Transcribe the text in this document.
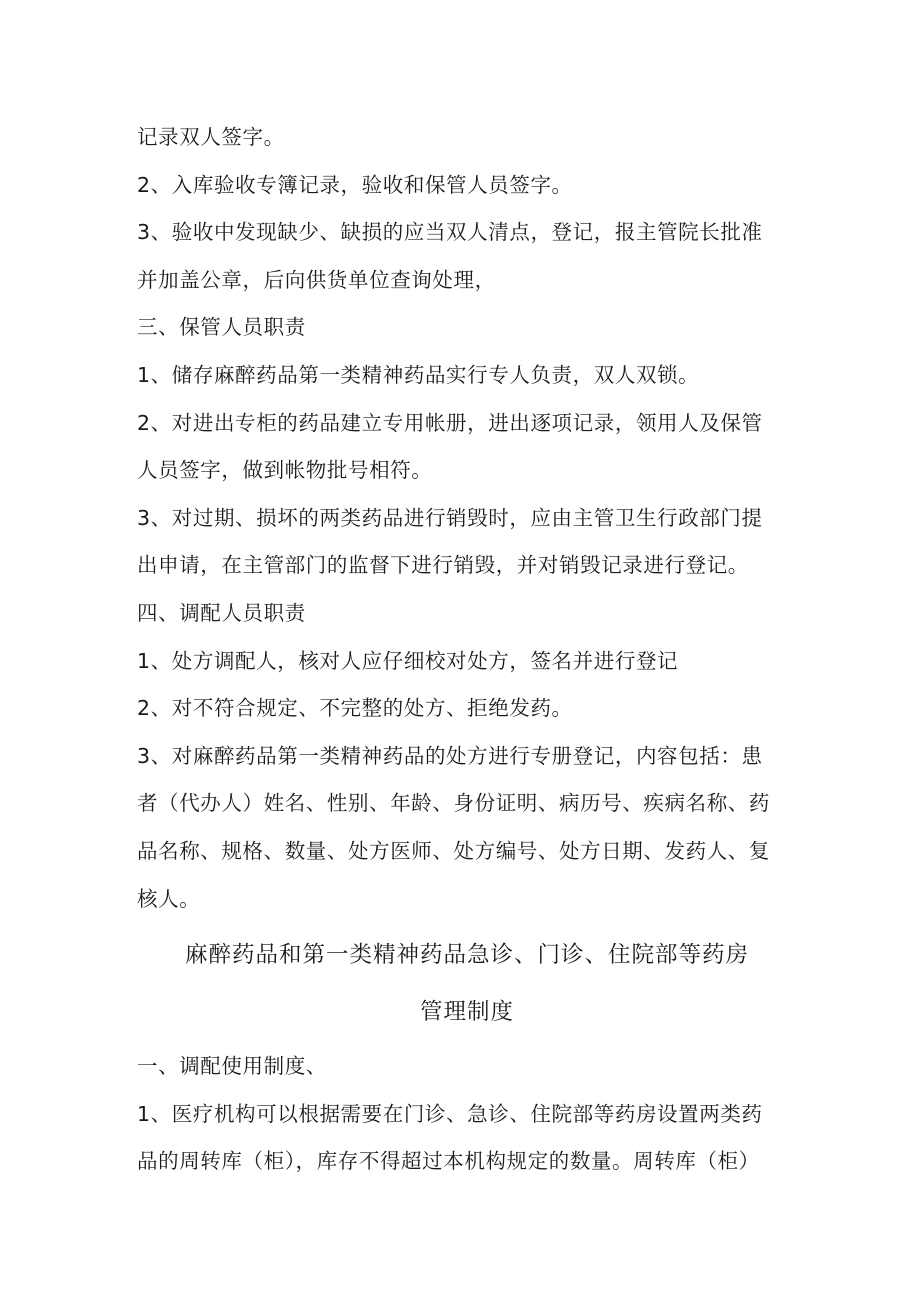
记录双人签字。
2、入库验收专簿记录，验收和保管人员签字。
3、验收中发现缺少、缺损的应当双人清点，登记，报主管院长批准
并加盖公章，后向供货单位查询处理，
三、保管人员职责
1、储存麻醉药品第一类精神药品实行专人负责，双人双锁。
2、对进出专柜的药品建立专用帐册，进出逐项记录，领用人及保管
人员签字，做到帐物批号相符。
3、对过期、损坏的两类药品进行销毁时，应由主管卫生行政部门提
出申请，在主管部门的监督下进行销毁，并对销毁记录进行登记。
四、调配人员职责
1、处方调配人，核对人应仔细校对处方，签名并进行登记
2、对不符合规定、不完整的处方、拒绝发药。
3、对麻醉药品第一类精神药品的处方进行专册登记，内容包括：患
者（代办人）姓名、性别、年龄、身份证明、病历号、疾病名称、药
品名称、规格、数量、处方医师、处方编号、处方日期、发药人、复
核人。
麻醉药品和第一类精神药品急诊、门诊、住院部等药房
管理制度
一、调配使用制度、
1、医疗机构可以根据需要在门诊、急诊、住院部等药房设置两类药
品的周转库（柜），库存不得超过本机构规定的数量。周转库（柜）
